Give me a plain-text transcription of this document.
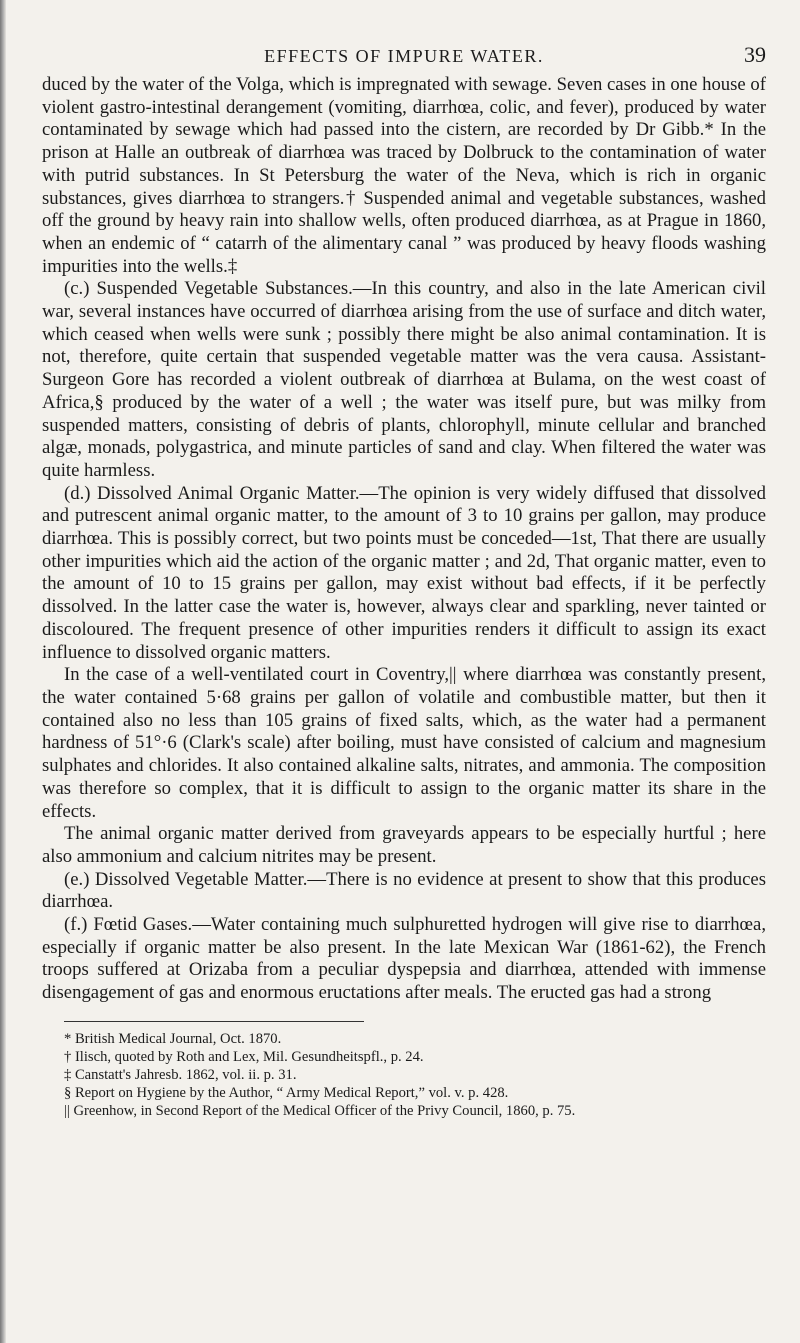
EFFECTS OF IMPURE WATER.	39

duced by the water of the Volga, which is impregnated with sewage. Seven cases in one house of violent gastro-intestinal derangement (vomiting, diarrhœa, colic, and fever), produced by water contaminated by sewage which had passed into the cistern, are recorded by Dr Gibb.* In the prison at Halle an outbreak of diarrhœa was traced by Dolbruck to the contamination of water with putrid substances. In St Petersburg the water of the Neva, which is rich in organic substances, gives diarrhœa to strangers.† Suspended animal and vegetable substances, washed off the ground by heavy rain into shallow wells, often produced diarrhœa, as at Prague in 1860, when an endemic of “ catarrh of the alimentary canal ” was produced by heavy floods washing impurities into the wells.‡

(c.) Suspended Vegetable Substances.—In this country, and also in the late American civil war, several instances have occurred of diarrhœa arising from the use of surface and ditch water, which ceased when wells were sunk ; possibly there might be also animal contamination. It is not, therefore, quite certain that suspended vegetable matter was the vera causa. Assistant-Surgeon Gore has recorded a violent outbreak of diarrhœa at Bulama, on the west coast of Africa,§ produced by the water of a well ; the water was itself pure, but was milky from suspended matters, consisting of debris of plants, chlorophyll, minute cellular and branched algæ, monads, polygastrica, and minute particles of sand and clay. When filtered the water was quite harmless.

(d.) Dissolved Animal Organic Matter.—The opinion is very widely diffused that dissolved and putrescent animal organic matter, to the amount of 3 to 10 grains per gallon, may produce diarrhœa. This is possibly correct, but two points must be conceded—1st, That there are usually other impurities which aid the action of the organic matter ; and 2d, That organic matter, even to the amount of 10 to 15 grains per gallon, may exist without bad effects, if it be perfectly dissolved. In the latter case the water is, however, always clear and sparkling, never tainted or discoloured. The frequent presence of other impurities renders it difficult to assign its exact influence to dissolved organic matters.

In the case of a well-ventilated court in Coventry,|| where diarrhœa was constantly present, the water contained 5·68 grains per gallon of volatile and combustible matter, but then it contained also no less than 105 grains of fixed salts, which, as the water had a permanent hardness of 51°·6 (Clark's scale) after boiling, must have consisted of calcium and magnesium sulphates and chlorides. It also contained alkaline salts, nitrates, and ammonia. The composition was therefore so complex, that it is difficult to assign to the organic matter its share in the effects.

The animal organic matter derived from graveyards appears to be especially hurtful ; here also ammonium and calcium nitrites may be present.

(e.) Dissolved Vegetable Matter.—There is no evidence at present to show that this produces diarrhœa.

(f.) Fœtid Gases.—Water containing much sulphuretted hydrogen will give rise to diarrhœa, especially if organic matter be also present. In the late Mexican War (1861-62), the French troops suffered at Orizaba from a peculiar dyspepsia and diarrhœa, attended with immense disengagement of gas and enormous eructations after meals. The eructed gas had a strong

* British Medical Journal, Oct. 1870.
† Ilisch, quoted by Roth and Lex, Mil. Gesundheitspfl., p. 24.
‡ Canstatt's Jahresb. 1862, vol. ii. p. 31.
§ Report on Hygiene by the Author, “ Army Medical Report,” vol. v. p. 428.
|| Greenhow, in Second Report of the Medical Officer of the Privy Council, 1860, p. 75.
